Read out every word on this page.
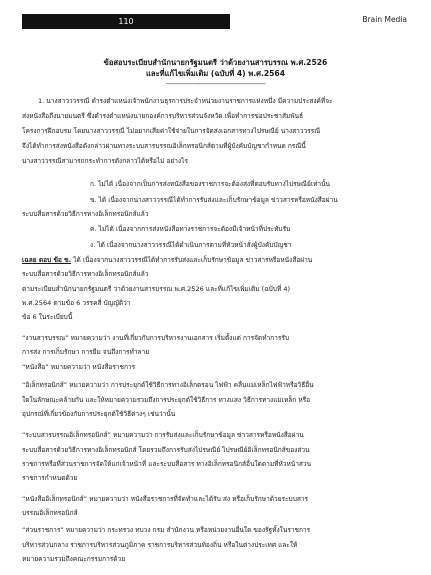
110	Brain Media
ข้อสอบระเบียบสำนักนายกรัฐมนตรี ว่าด้วยงานสารบรรณ พ.ศ.2526
และที่แก้ไขเพิ่มเติม (ฉบับที่ 4) พ.ศ.2564
-------------------------------------------------
1. นางสาวววรรณี ดำรงตำแหน่งเจ้าพนักงานธุรการประจำหน่วยงานราชการแห่งหนึ่ง มีความประสงค์ที่จะ
ส่งหนังสือถึงนายมนตรี ซึ่งดำรงตำแหน่งนายกองค์การบริหารส่วนจังหวัด เพื่อทำการขอประชาสัมพันธ์
โครงการฝึกอบรม โดยนางสาววรรณี ไม่อยากเสียค่าใช้จ่ายในการจัดส่งเอกสารทางไปรษณีย์ นางสาววรรณี
จึงได้ทำการส่งหนังสือดังกล่าวผ่านทางระบบสารบรรณอิเล็กทรอนิกส์ตามที่ผู้บังคับบัญชากำหนด กรณีนี้
นางสาววรรณีสามารถกระทำการดังกล่าวได้หรือไม่ อย่างไร
ก. ไม่ได้ เนื่องจากเป็นการส่งหนังสือของราชการจะต้องส่งที่ตอบรับทางไปรษณีย์เท่านั้น
ข. ได้ เนื่องจากนางสาววรรณีได้ทำการรับส่งและเก็บรักษาข้อมูล ข่าวสารหรือหนังสือผ่าน
ระบบสื่อสารด้วยวิธีการทางอิเล็กทรอนิกส์แล้ว
ค. ไม่ได้ เนื่องจากการส่งหนังสือทางราชการจะต้องมีเจ้าหน้าที่ประทับรับ
ง. ได้ เนื่องจากนางสาววรรณีได้ดำเนินการตามที่หัวหน้าสั่งผู้บังคับบัญชา
เฉลย ตอบ ข้อ ข. ได้ เนื่องจากนางสาววรรณีได้ทำการรับส่งและเก็บรักษาข้อมูล ข่าวสารหรือหนังสือผ่าน
ระบบสื่อสารด้วยวิธีการทางอิเล็กทรอนิกส์แล้ว
ตามระเบียบสำนักนายกรัฐมนตรี ว่าด้วยงานสารบรรณ พ.ศ.2526 และที่แก้ไขเพิ่มเติม (ฉบับที่ 4)
พ.ศ.2564 ตามข้อ 6 วรรคสี่ บัญญัติว่า
ข้อ 6 ในระเบียบนี้
“งานสารบรรณ” หมายความว่า งานที่เกี่ยวกับการบริหารงานเอกสาร เริ่มตั้งแต่ การจัดทำการรับ
การส่ง การเก็บรักษา การยืม จนถึงการทำลาย
“หนังสือ” หมายความว่า หนังสือราชการ
“อิเล็กทรอนิกส์” หมายความว่า การประยุกต์ใช้วิธีการทางอิเล็กตรอน ไฟฟ้า คลื่นแม่เหล็กไฟฟ้าหรือวิธีอื่น
ใดในลักษณะคล้ายกัน และให้หมายความรวมถึงการประยุกต์ใช้วิธีการ ทางแสง วิธีการทางแม่เหล็ก หรือ
อุปกรณ์ที่เกี่ยวข้องกับการประยุกต์ใช้วิธีต่างๆ เช่นว่านั้น
“ระบบสารบรรณอิเล็กทรอนิกส์” หมายความว่า การรับส่งและเก็บรักษาข้อมูล ข่าวสารหรือหนังสือผ่าน
ระบบสื่อสารด้วยวิธีการทางอิเล็กทรอนิกส์ โดยรวมถึงการรับส่งไปรษณีย์ ไปรษณีย์อิเล็กทรอนิกส์ของส่วน
ราชการหรือที่ส่วนราชการจัดให้แก่เจ้าหน้าที่ และระบบสื่อสาร ทางอิเล็กทรอนิกส์อื่นใดตามที่หัวหน้าส่วน
ราชการกำหนดด้วย
“หนังสืออิเล็กทรอนิกส์” หมายความว่า หนังสือราชการที่จัดทำและได้รับ ส่ง หรือเก็บรักษาด้วยระบบสาร
บรรณอิเล็กทรอนิกส์
“ส่วนราชการ” หมายความว่า กระทรวง ทบวง กรม สำนักงาน หรือหน่วยงานอื่นใด ของรัฐทั้งในราชการ
บริหารส่วนกลาง ราชการบริหารส่วนภูมิภาค ราชการบริหารส่วนท้องถิ่น หรือในต่างประเทศ และให้
หมายความรวมถึงคณะกรรมการด้วย
